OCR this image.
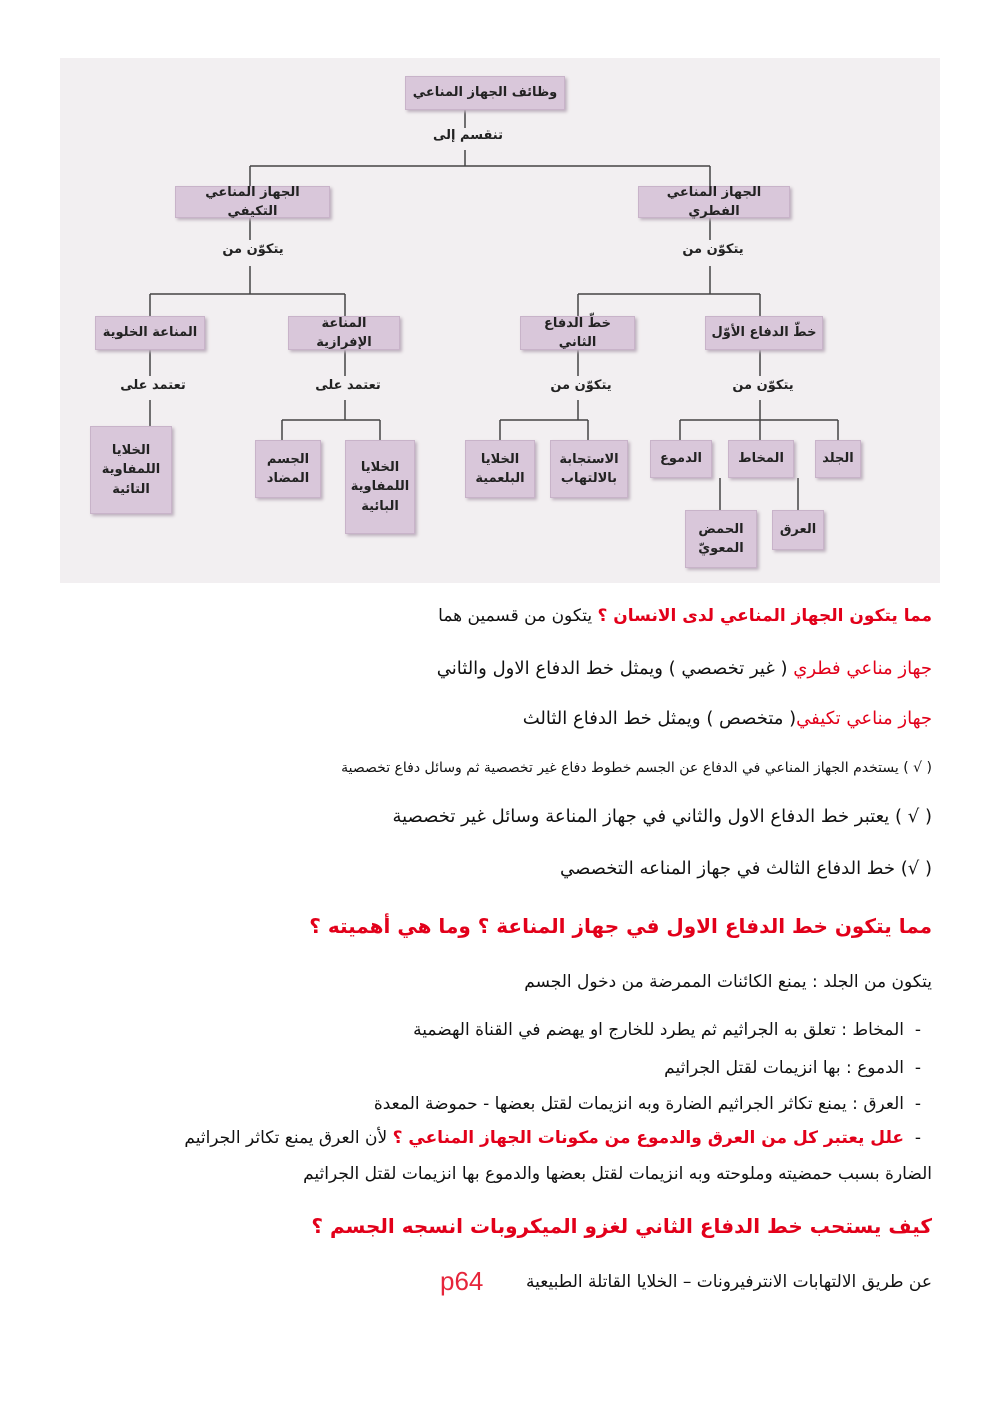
وظائف الجهاز المناعي
تنقسم إلى
الجهاز المناعي الفطري
الجهاز المناعي التكيفي
يتكوّن من
يتكوّن من
خطّ الدفاع الأوّل
خطّ الدفاع الثاني
المناعة الإفرازية
المناعة الخلوية
يتكوّن من
يتكوّن من
تعتمد على
تعتمد على
الجلد
المخاط
الدموع
العرق
الحمض المعويّ
الاستجابة بالالتهاب
الخلايا البلعمية
الخلايا اللمفاوية البائية
الجسم المضاد
الخلايا اللمفاوية التائية
مما يتكون الجهاز المناعي لدى الانسان ؟ يتكون من قسمين هما
جهاز مناعي فطري ( غير تخصصي ) ويمثل خط الدفاع الاول والثاني
جهاز مناعي تكيفي( متخصص ) ويمثل خط الدفاع الثالث
( √ ) يستخدم الجهاز المناعي في الدفاع عن الجسم خطوط دفاع غير تخصصية ثم وسائل دفاع تخصصية
( √ ) يعتبر خط الدفاع الاول والثاني في جهاز المناعة وسائل غير تخصصية
( √) خط الدفاع الثالث في جهاز المناعه التخصصي
مما يتكون خط الدفاع الاول في جهاز المناعة ؟ وما هي أهميته ؟
يتكون من الجلد : يمنع الكائنات الممرضة من دخول الجسم
-المخاط : تعلق به الجراثيم ثم يطرد للخارج او يهضم في القناة الهضمية
-الدموع : بها انزيمات لقتل الجراثيم
-العرق : يمنع تكاثر الجراثيم الضارة وبه انزيمات لقتل بعضها - حموضة المعدة
-علل يعتبر كل من العرق والدموع من مكونات الجهاز المناعي ؟ لأن العرق يمنع تكاثر الجراثيم
الضارة بسبب حمضيته وملوحته وبه انزيمات لقتل بعضها والدموع بها انزيمات لقتل الجراثيم
كيف يستحب خط الدفاع الثاني لغزو الميكروبات انسجه الجسم ؟
عن طريق الالتهابات الانترفيرونات – الخلايا القاتلة الطبيعية
p64
